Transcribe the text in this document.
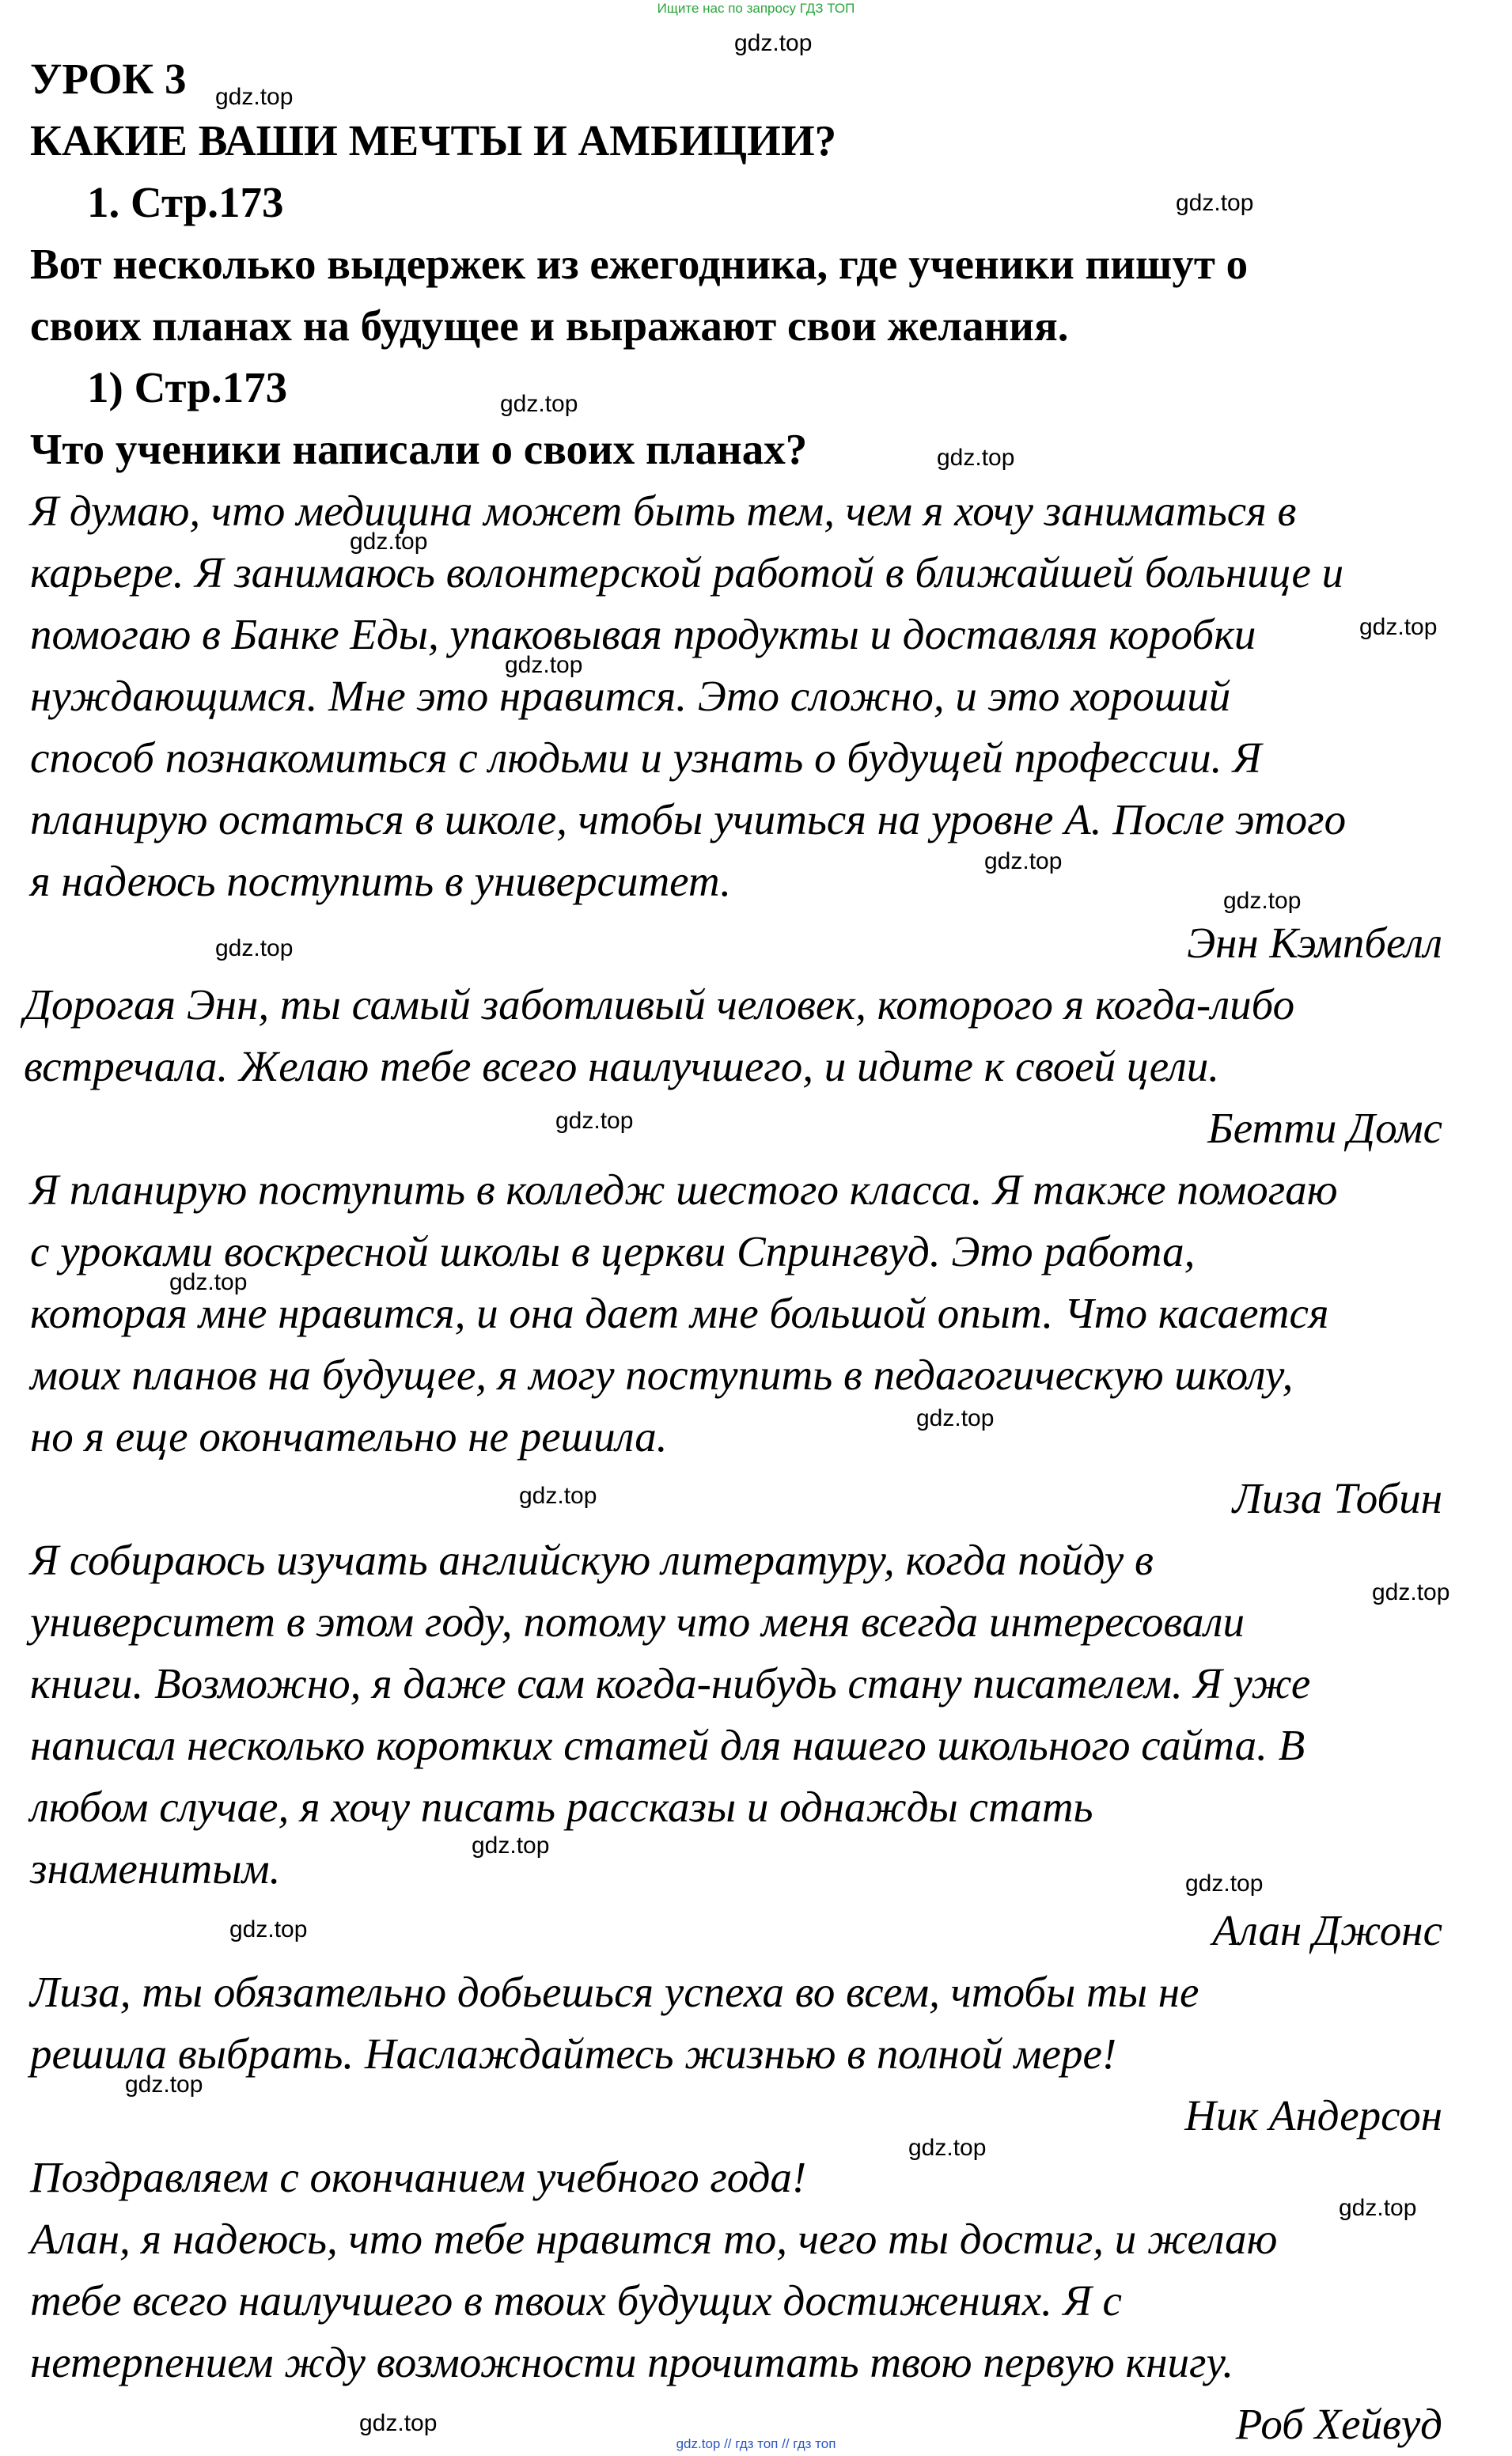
Ищите нас по запросу ГДЗ ТОП
УРОК 3
КАКИЕ ВАШИ МЕЧТЫ И АМБИЦИИ?
1. Стр.173
Вот несколько выдержек из ежегодника, где ученики пишут о
своих планах на будущее и выражают свои желания.
1) Стр.173
Что ученики написали о своих планах?
Я думаю, что медицина может быть тем, чем я хочу заниматься в
карьере. Я занимаюсь волонтерской работой в ближайшей больнице и
помогаю в Банке Еды, упаковывая продукты и доставляя коробки
нуждающимся. Мне это нравится. Это сложно, и это хороший
способ познакомиться с людьми и узнать о будущей профессии. Я
планирую остаться в школе, чтобы учиться на уровне А. После этого
я надеюсь поступить в университет.
Энн Кэмпбелл
Дорогая Энн, ты самый заботливый человек, которого я когда-либо
встречала. Желаю тебе всего наилучшего, и идите к своей цели.
Бетти Домс
Я планирую поступить в колледж шестого класса. Я также помогаю
с уроками воскресной школы в церкви Спрингвуд. Это работа,
которая мне нравится, и она дает мне большой опыт. Что касается
моих планов на будущее, я могу поступить в педагогическую школу,
но я еще окончательно не решила.
Лиза Тобин
Я собираюсь изучать английскую литературу, когда пойду в
университет в этом году, потому что меня всегда интересовали
книги. Возможно, я даже сам когда-нибудь стану писателем. Я уже
написал несколько коротких статей для нашего школьного сайта. В
любом случае, я хочу писать рассказы и однажды стать
знаменитым.
Алан Джонс
Лиза, ты обязательно добьешься успеха во всем, чтобы ты не
решила выбрать. Наслаждайтесь жизнью в полной мере!
Ник Андерсон
Поздравляем с окончанием учебного года!
Алан, я надеюсь, что тебе нравится то, чего ты достиг, и желаю
тебе всего наилучшего в твоих будущих достижениях. Я с
нетерпением жду возможности прочитать твою первую книгу.
Роб Хейвуд
gdz.top
gdz.top
gdz.top
gdz.top
gdz.top
gdz.top
gdz.top
gdz.top
gdz.top
gdz.top
gdz.top
gdz.top
gdz.top
gdz.top
gdz.top
gdz.top
gdz.top
gdz.top
gdz.top
gdz.top
gdz.top
gdz.top
gdz.top
gdz.top // гдз топ // гдз топ
